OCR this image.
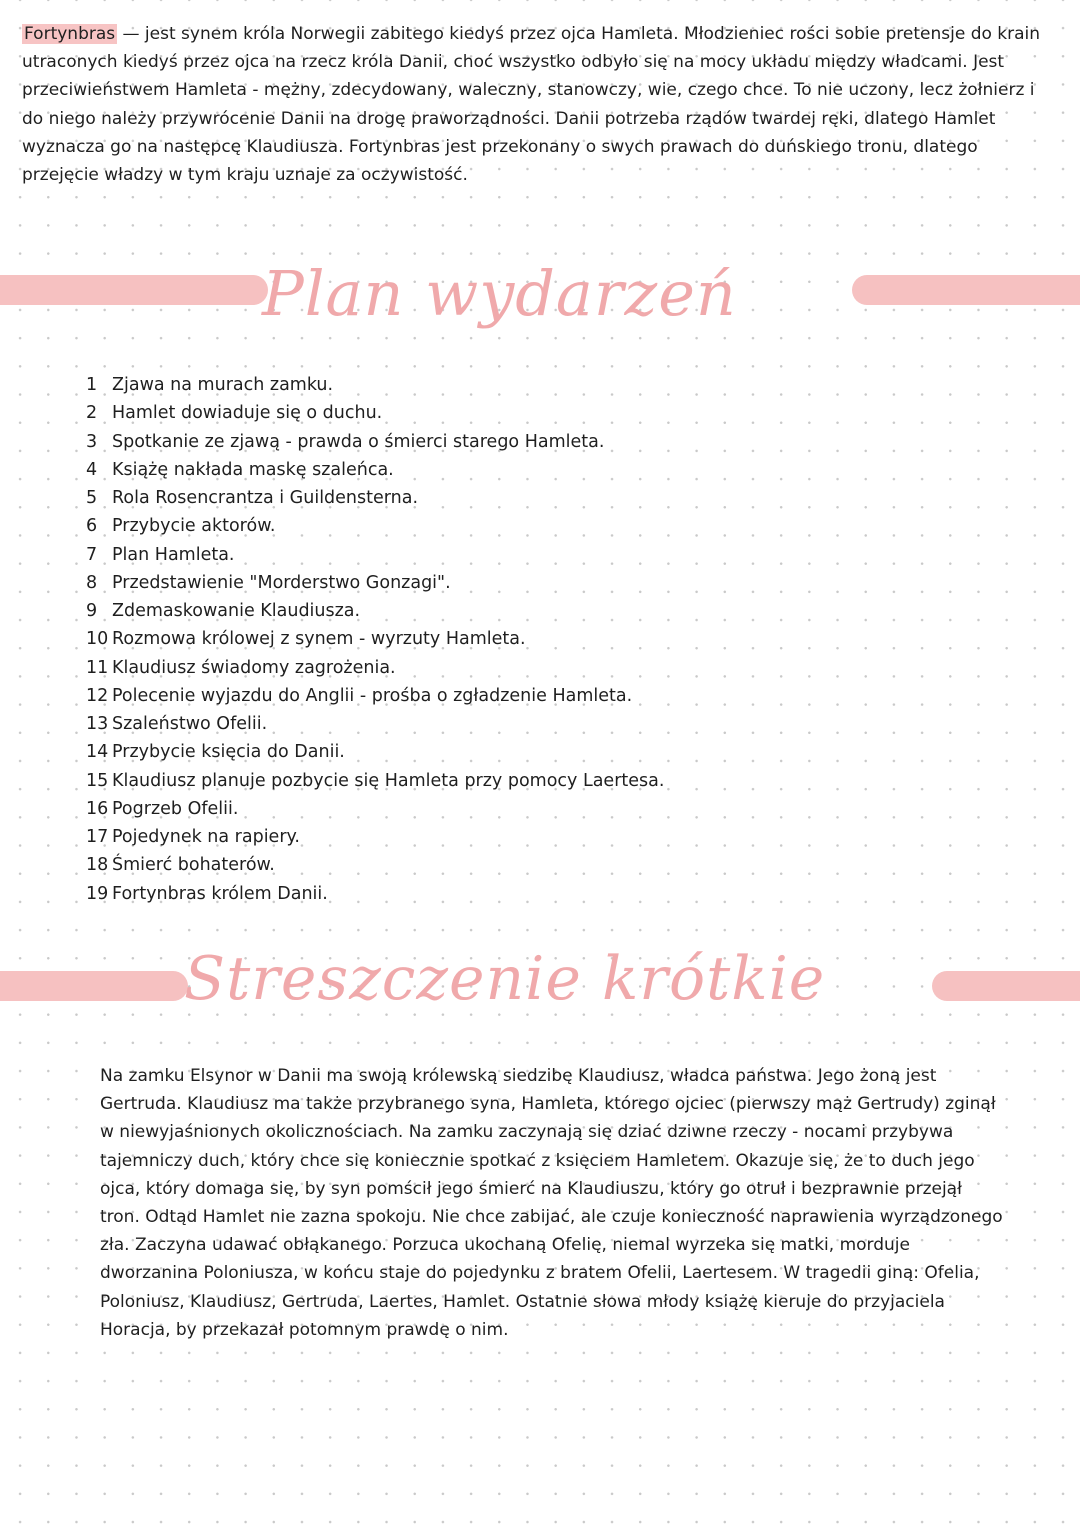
Fortynbras — jest synem króla Norwegii zabitego kiedyś przez ojca Hamleta. Młodzieniec rości sobie pretensje do krain utraconych kiedyś przez ojca na rzecz króla Danii, choć wszystko odbyło się na mocy układu między władcami. Jest przeciwieństwem Hamleta - mężny, zdecydowany, waleczny, stanowczy, wie, czego chce. To nie uczony, lecz żołnierz i do niego należy przywrócenie Danii na drogę praworządności. Danii potrzeba rządów twardej ręki, dlatego Hamlet wyznacza go na następcę Klaudiusza. Fortynbras jest przekonany o swych prawach do duńskiego tronu, dlatego przejęcie władzy w tym kraju uznaje za oczywistość.

Plan wydarzeń
1 Zjawa na murach zamku.
2 Hamlet dowiaduje się o duchu.
3 Spotkanie ze zjawą - prawda o śmierci starego Hamleta.
4 Książę nakłada maskę szaleńca.
5 Rola Rosencrantza i Guildensterna.
6 Przybycie aktorów.
7 Plan Hamleta.
8 Przedstawienie "Morderstwo Gonzagi".
9 Zdemaskowanie Klaudiusza.
10 Rozmowa królowej z synem - wyrzuty Hamleta.
11 Klaudiusz świadomy zagrożenia.
12 Polecenie wyjazdu do Anglii - prośba o zgładzenie Hamleta.
13 Szaleństwo Ofelii.
14 Przybycie księcia do Danii.
15 Klaudiusz planuje pozbycie się Hamleta przy pomocy Laertesa.
16 Pogrzeb Ofelii.
17 Pojedynek na rapiery.
18 Śmierć bohaterów.
19 Fortynbras królem Danii.
Streszczenie krótkie

Na zamku Elsynor w Danii ma swoją królewską siedzibę Klaudiusz, władca państwa. Jego żoną jest Gertruda. Klaudiusz ma także przybranego syna, Hamleta, którego ojciec (pierwszy mąż Gertrudy) zginął w niewyjaśnionych okolicznościach. Na zamku zaczynają się dziać dziwne rzeczy - nocami przybywa tajemniczy duch, który chce się koniecznie spotkać z księciem Hamletem. Okazuje się, że to duch jego ojca, który domaga się, by syn pomścił jego śmierć na Klaudiuszu, który go otruł i bezprawnie przejął tron. Odtąd Hamlet nie zazna spokoju. Nie chce zabijać, ale czuje konieczność naprawienia wyrządzonego zła. Zaczyna udawać obłąkanego. Porzuca ukochaną Ofelię, niemal wyrzeka się matki, morduje dworzanina Poloniusza, w końcu staje do pojedynku z bratem Ofelii, Laertesem. W tragedii giną: Ofelia, Poloniusz, Klaudiusz, Gertruda, Laertes, Hamlet. Ostatnie słowa młody książę kieruje do przyjaciela Horacja, by przekazał potomnym prawdę o nim.
